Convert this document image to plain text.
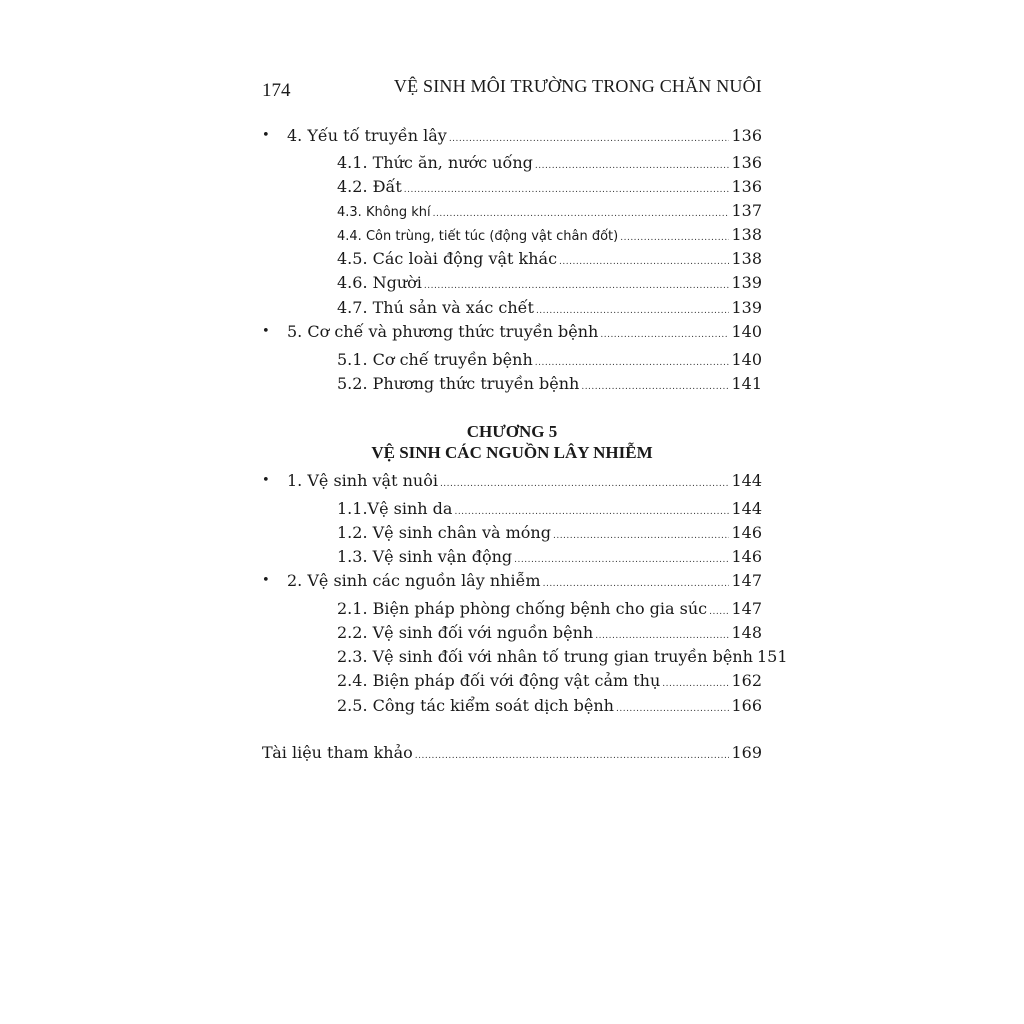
174	VỆ SINH MÔI TRƯỜNG TRONG CHĂN NUÔI
• 4. Yếu tố truyền lây .....	136
4.1. Thức ăn, nước uống .....	136
4.2. Đất .....	136
4.3. Không khí .....	137
4.4. Côn trùng, tiết túc (động vật chân đốt) .....	138
4.5. Các loài động vật khác .....	138
4.6. Người .....	139
4.7. Thú sản và xác chết .....	139
• 5. Cơ chế và phương thức truyền bệnh .....	140
5.1. Cơ chế truyền bệnh .....	140
5.2. Phương thức truyền bệnh .....	141
CHƯƠNG 5
VỆ SINH CÁC NGUỒN LÂY NHIỄM
• 1. Vệ sinh vật nuôi .....	144
1.1.Vệ sinh da .....	144
1.2. Vệ sinh chân và móng .....	146
1.3. Vệ sinh vận động .....	146
• 2. Vệ sinh các nguồn lây nhiễm .....	147
2.1. Biện pháp phòng chống bệnh cho gia súc ..... 147
2.2. Vệ sinh đối với nguồn bệnh .....	148
2.3. Vệ sinh đối với nhân tố trung gian truyền bệnh 151
2.4. Biện pháp đối với động vật cảm thụ .....	162
2.5. Công tác kiểm soát dịch bệnh .....	166
Tài liệu tham khảo .....	169
